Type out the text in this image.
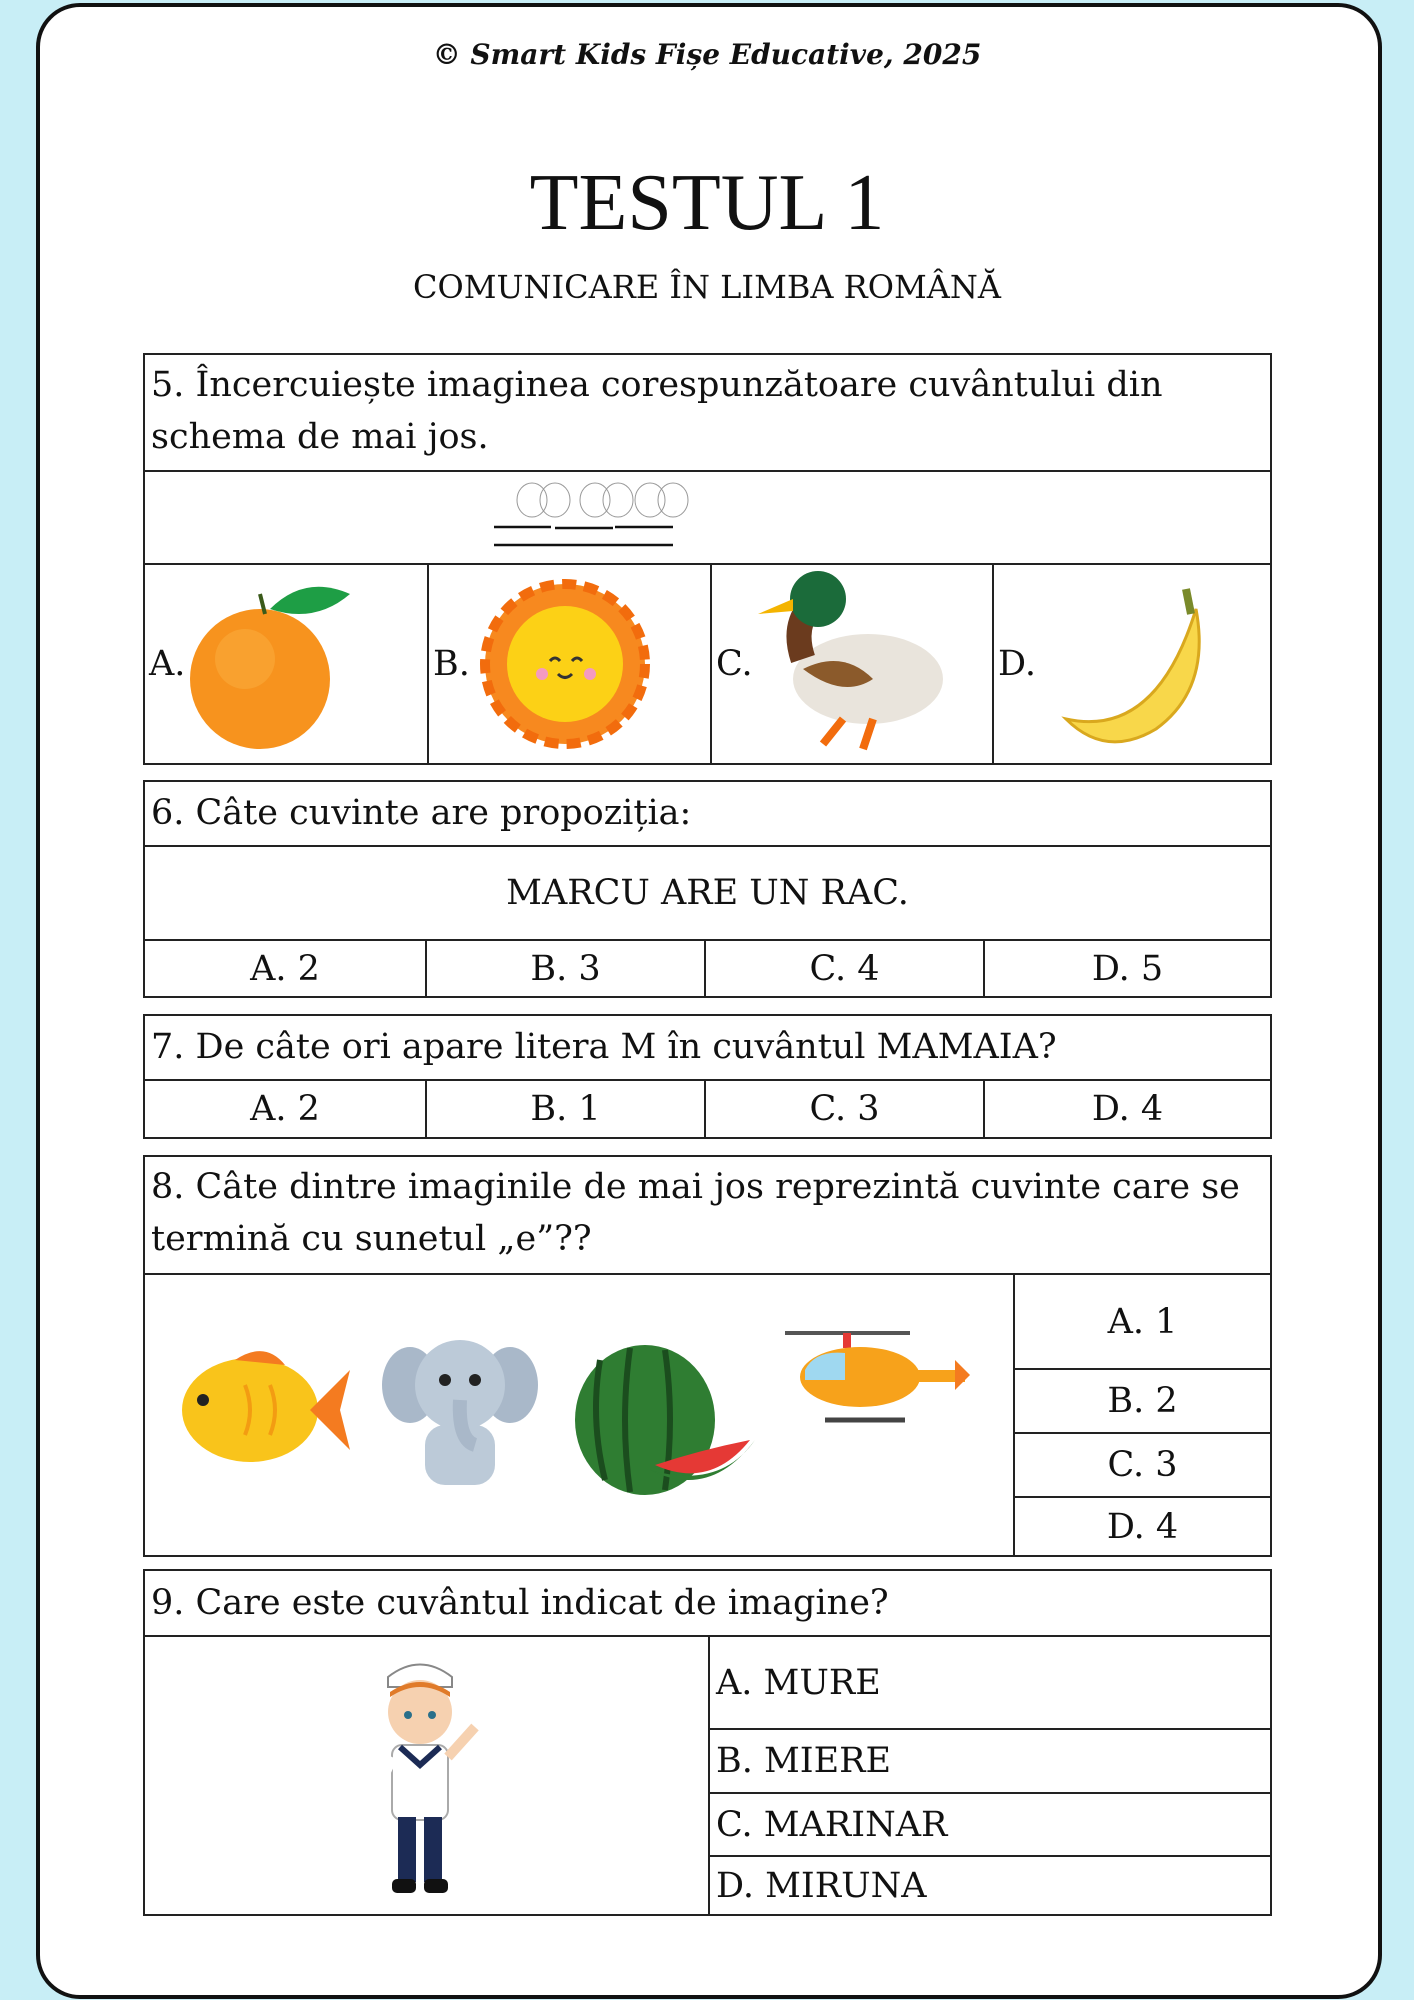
© Smart Kids Fișe Educative, 2025
TESTUL 1
COMUNICARE ÎN LIMBA ROMÂNĂ
5. Încercuiește imaginea corespunzătoare cuvântului din schema de mai jos.
A.	B.	C.	D.
6. Câte cuvinte are propoziția:
MARCU ARE UN RAC.
A. 2	B. 3	C. 4	D. 5
7. De câte ori apare litera M în cuvântul MAMAIA?
A. 2	B. 1	C. 3	D. 4
8. Câte dintre imaginile de mai jos reprezintă cuvinte care se termină cu sunetul „e”??
A. 1
B. 2
C. 3
D. 4
9. Care este cuvântul indicat de imagine?
A. MURE
B. MIERE
C. MARINAR
D. MIRUNA
